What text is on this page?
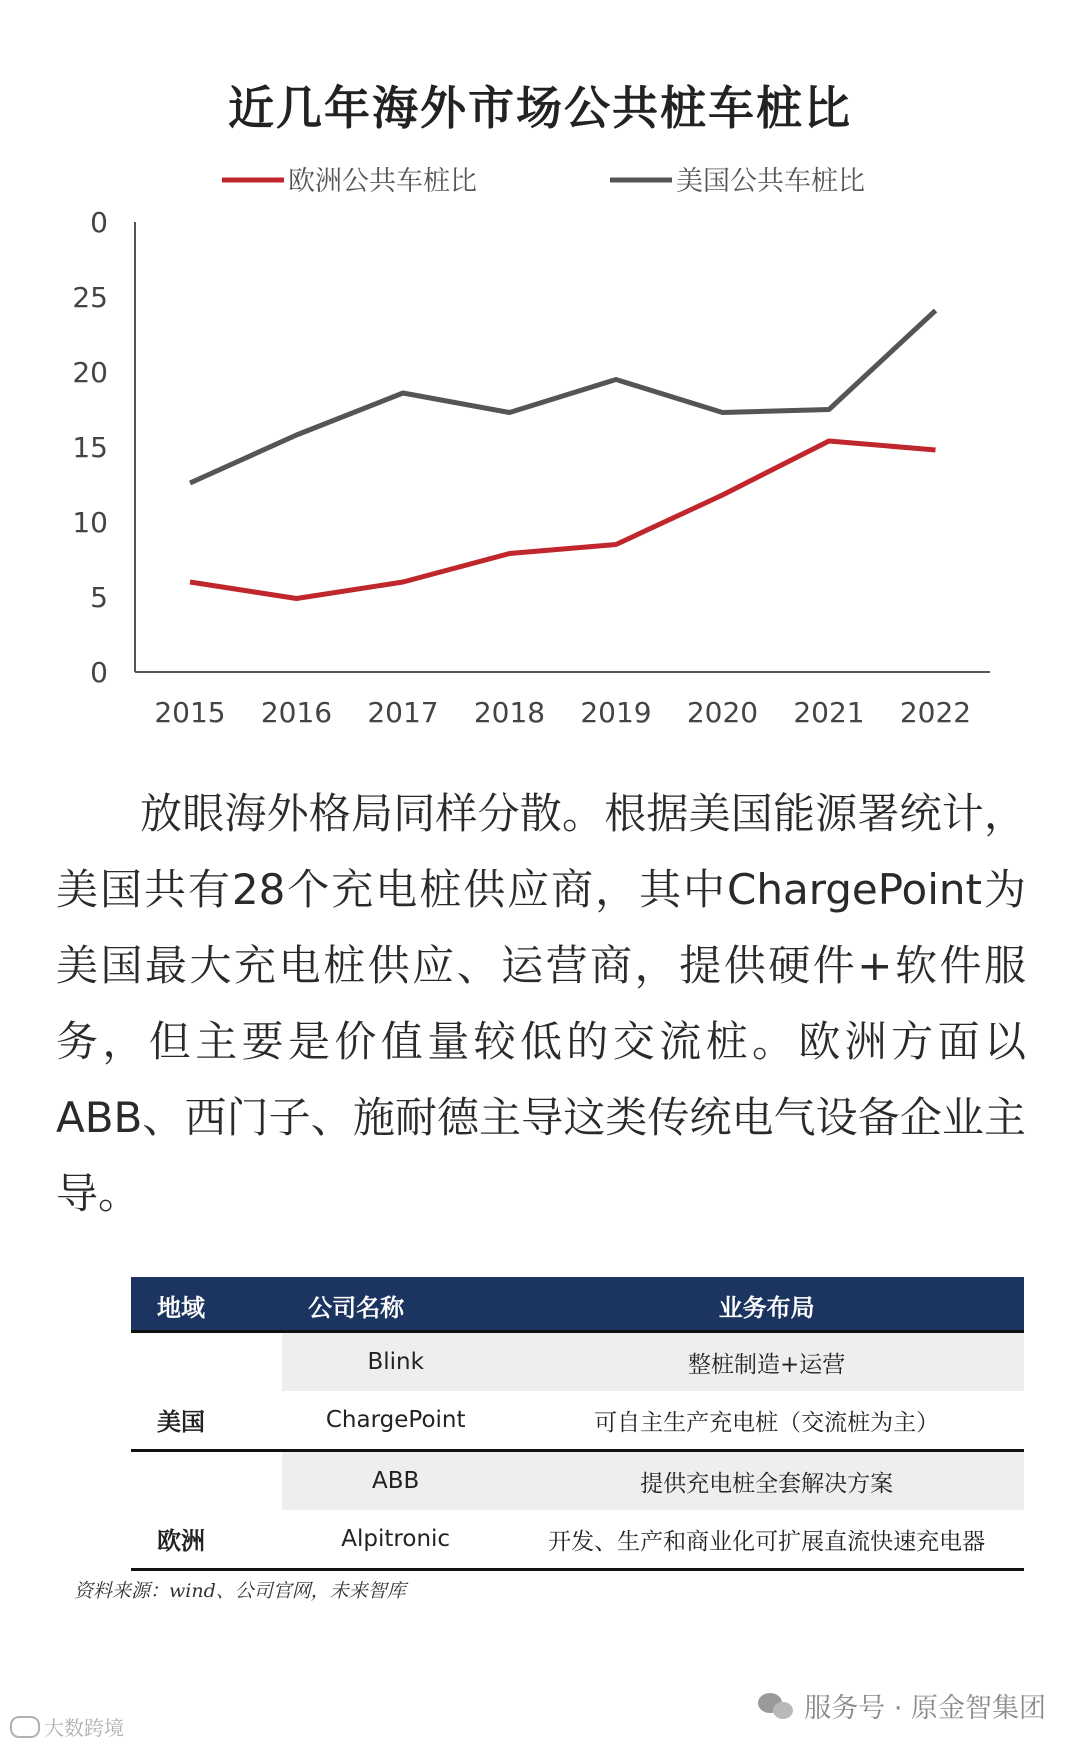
近几年海外市场公共桩车桩比
欧洲公共车桩比	美国公共车桩比
0
5
10
15
20
25
0
2015 2016 2017 2018 2019 2020 2021 2022
放眼海外格局同样分散。根据美国能源署统计，美国共有28个充电桩供应商，其中ChargePoint为美国最大充电桩供应、运营商，提供硬件+软件服务，但主要是价值量较低的交流桩。欧洲方面以ABB、西门子、施耐德主导这类传统电气设备企业主导。
地域	公司名称	业务布局
美国	Blink	整桩制造+运营
	ChargePoint	可自主生产充电桩（交流桩为主）
欧洲	ABB	提供充电桩全套解决方案
	Alpitronic	开发、生产和商业化可扩展直流快速充电器
资料来源：wind、公司官网，未来智库
大数跨境
服务号 · 原金智集团
